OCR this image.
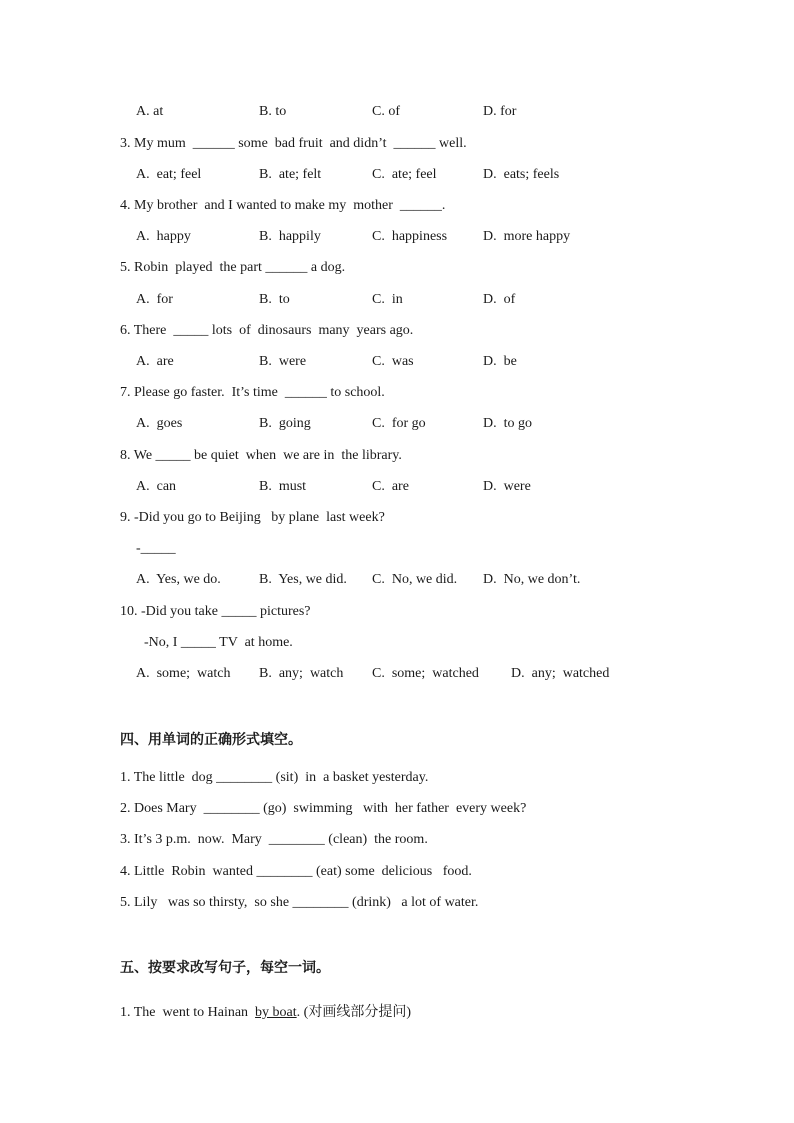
A. at	B. to	C. of	D. for
3. My mum  ______ some  bad fruit  and didn’t  ______ well.
A.  eat; feel	B.  ate; felt	C.  ate; feel	D.  eats; feels
4. My brother  and I wanted to make my  mother  ______.
A.  happy	B.  happily	C.  happiness	D.  more happy
5. Robin  played  the part ______ a dog.
A.  for	B.  to	C.  in	D.  of
6. There  _____ lots  of  dinosaurs  many  years ago.
A.  are	B.  were	C.  was	D.  be
7. Please go faster.  It’s time  ______ to school.
A.  goes	B.  going	C.  for go	D.  to go
8. We _____ be quiet  when  we are in  the library.
A.  can	B.  must	C.  are	D.  were
9. -Did you go to Beijing   by plane  last week?
-_____
A.  Yes, we do.	B.  Yes, we did. C.  No, we did. D.  No, we don’t.
10. -Did you take _____ pictures?
-No, I _____ TV  at home.
A.  some;  watch B.  any;  watch C.  some;  watched D.  any;  watched
四、用单词的正确形式填空。
1. The little  dog ________ (sit)  in  a basket yesterday.
2. Does Mary  ________ (go)  swimming   with  her father  every week?
3. It’s 3 p.m.  now.  Mary  ________ (clean)  the room.
4. Little  Robin  wanted ________ (eat) some  delicious   food.
5. Lily   was so thirsty,  so she ________ (drink)   a lot of water.
五、按要求改写句子，每空一词。
1. The  went to Hainan  by boat. (对画线部分提问)
